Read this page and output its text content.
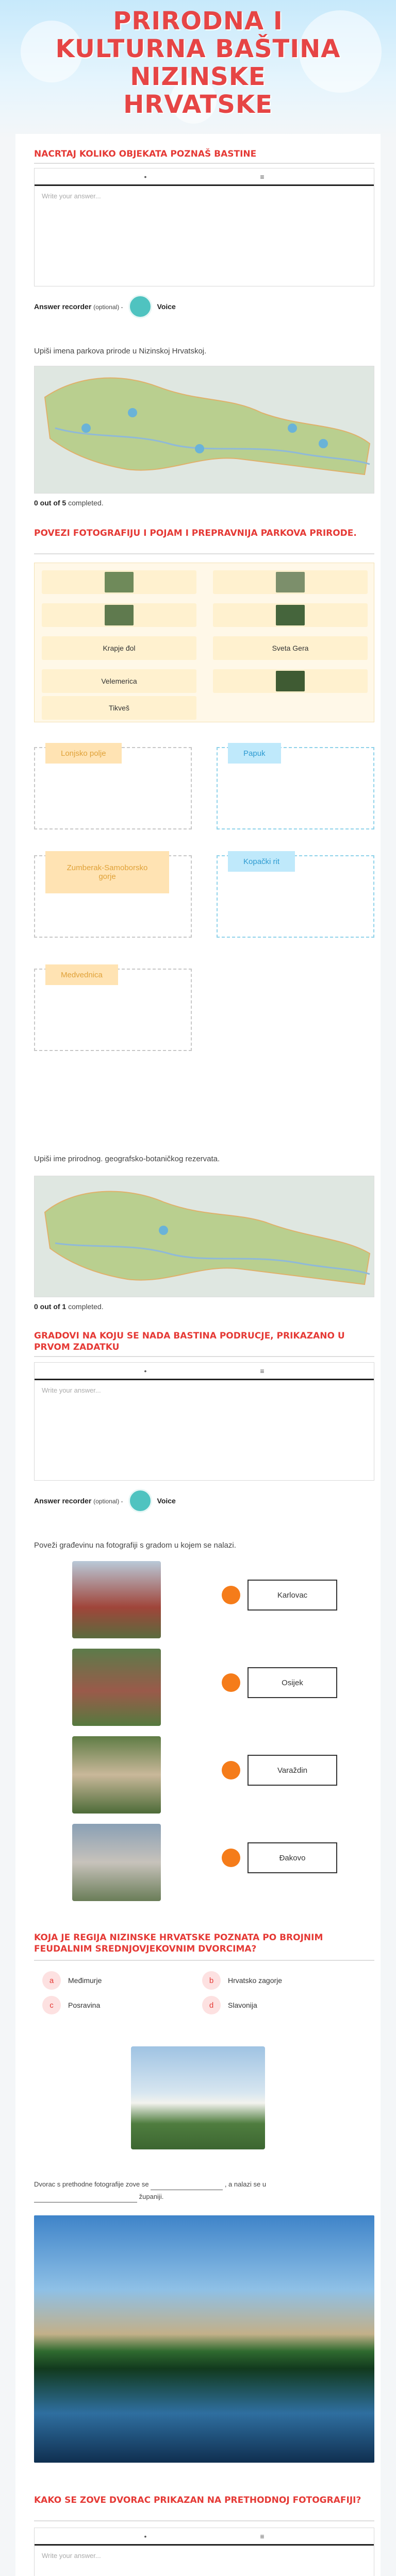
PRIRODNA I
KULTURNA BAŠTINA
NIZINSKE
HRVATSKE
NACRTAJ KOLIKO OBJEKATA POZNAŠ BASTINE
•	≡
Write your answer...
Answer recorder (optional) -	Voice
Upiši imena parkova prirode u Nizinskoj Hrvatskoj.
0 out of 5 completed.
POVEZI FOTOGRAFIJU I POJAM I PREPRAVNIJA PARKOVA PRIRODE.
Krapje đol	Sveta Gera
Velemerica
Tikveš
Lonjsko polje	Papuk
Zumberak-Samoborsko gorje
Kopački rit
Medvednica
Upiši ime prirodnog. geografsko-botaničkog rezervata.
0 out of 1 completed.
GRADOVI NA KOJU SE NADA BASTINA PODRUCJE, PRIKAZANO U PRVOM ZADATKU
•	≡
Write your answer...
Answer recorder (optional) -	Voice
Poveži građevinu na fotografiji s gradom u kojem se nalazi.
Karlovac
Osijek
Varaždin
Đakovo
KOJA JE REGIJA NIZINSKE HRVATSKE POZNATA PO BROJNIM FEUDALNIM SREDNJOVJEKOVNIM DVORCIMA?
a	Međimurje	b	Hrvatsko zagorje
c	Posravina	d	Slavonija
Dvorac s prethodne fotografije zove se	, a nalazi se u
županiji.
KAKO SE ZOVE DVORAC PRIKAZAN NA PRETHODNOJ FOTOGRAFIJI?
•	≡
Write your answer...
